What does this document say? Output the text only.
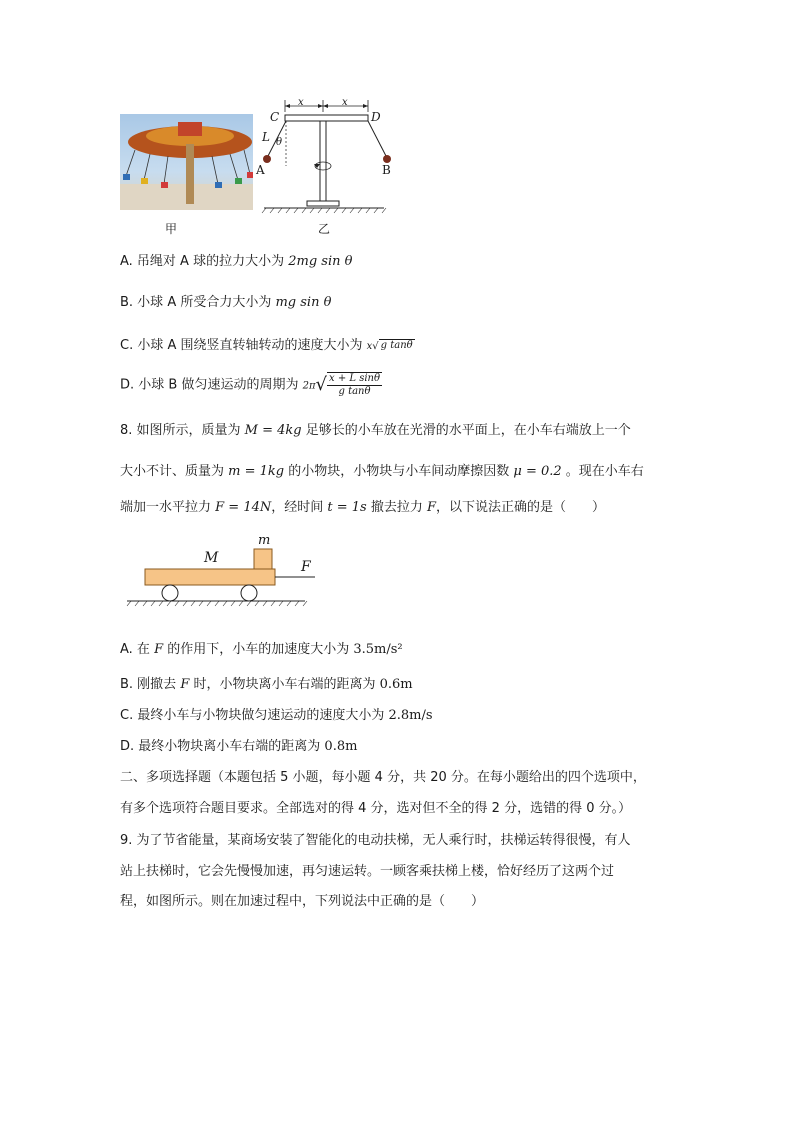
甲
x	x
C	D
L θ
A	B
乙
A. 吊绳对 A 球的拉力大小为 2mg sin θ
B. 小球 A 所受合力大小为 mg sin θ
C. 小球 A 围绕竖直转轴转动的速度大小为 x√ g tanθ
D. 小球 B 做匀速运动的周期为 $2\pi√ \frac{\text{x + L sinθ}}{\text{g tanθ}}$
8. 如图所示，质量为 M = 4kg 足够长的小车放在光滑的水平面上，在小车右端放上一个
大小不计、质量为 m = 1kg 的小物块，小物块与小车间动摩擦因数 μ = 0.2 。现在小车右
端加一水平拉力 F = 14N，经时间 t = 1s 撤去拉力 F，以下说法正确的是（　　）
M
m
F
A. 在 F 的作用下，小车的加速度大小为 3.5m/s²
B. 刚撤去 F 时，小物块离小车右端的距离为 0.6m
C. 最终小车与小物块做匀速运动的速度大小为 2.8m/s
D. 最终小物块离小车右端的距离为 0.8m
二、多项选择题（本题包括 5 小题，每小题 4 分，共 20 分。在每小题给出的四个选项中，
有多个选项符合题目要求。全部选对的得 4 分，选对但不全的得 2 分，选错的得 0 分。）
9. 为了节省能量，某商场安装了智能化的电动扶梯，无人乘行时，扶梯运转得很慢，有人
站上扶梯时，它会先慢慢加速，再匀速运转。一顾客乘扶梯上楼，恰好经历了这两个过
程，如图所示。则在加速过程中，下列说法中正确的是（　　）
